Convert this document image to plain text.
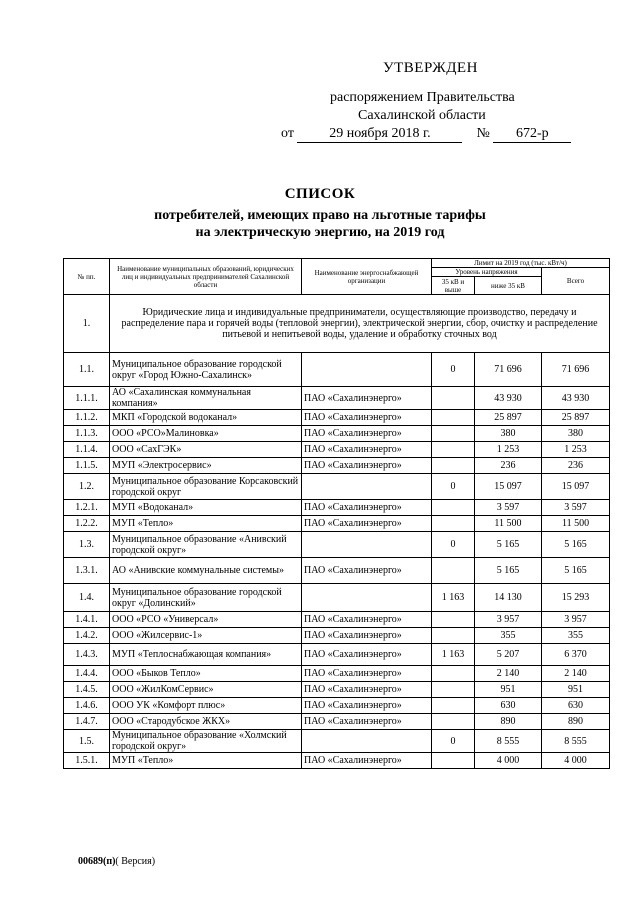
УТВЕРЖДЕН
распоряжением Правительства
Сахалинской области
от	29 ноября 2018 г.	№ 672-р
СПИСОК
потребителей, имеющих право на льготные тарифы
на электрическую энергию, на 2019 год
№ пп.	Наименование муниципальных образований, юридических лиц и индивидуальных предпринимателей Сахалинской области	Наименование энергоснабжающей организации	Лимит на 2019 год (тыс. кВт/ч)		
			Уровень напряжения		Всего
			35 кВ и выше	ниже 35 кВ	
1.	Юридические лица и индивидуальные предприниматели, осуществляющие производство, передачу и распределение пара и горячей воды (тепловой энергии), электрической энергии, сбор, очистку и распределение питьевой и непитьевой воды, удаление и обработку сточных вод				
1.1.	Муниципальное образование городской округ «Город Южно-Сахалинск»		0	71 696	71 696
1.1.1.	АО «Сахалинская коммунальная компания»	ПАО «Сахалинэнерго»		43 930	43 930
1.1.2.	МКП «Городской водоканал»	ПАО «Сахалинэнерго»		25 897	25 897
1.1.3.	ООО «РСО»Малиновка»	ПАО «Сахалинэнерго»		380	380
1.1.4.	ООО «СахГЭК»	ПАО «Сахалинэнерго»		1 253	1 253
1.1.5.	МУП «Электросервис»	ПАО «Сахалинэнерго»		236	236
1.2.	Муниципальное образование Корсаковский городской округ		0	15 097	15 097
1.2.1.	МУП «Водоканал»	ПАО «Сахалинэнерго»		3 597	3 597
1.2.2.	МУП «Тепло»	ПАО «Сахалинэнерго»		11 500	11 500
1.3.	Муниципальное образование «Анивский городской округ»		0	5 165	5 165
1.3.1.	АО «Анивские коммунальные системы»	ПАО «Сахалинэнерго»		5 165	5 165
1.4.	Муниципальное образование городской округ «Долинский»		1 163	14 130	15 293
1.4.1.	ООО «РСО «Универсал»	ПАО «Сахалинэнерго»		3 957	3 957
1.4.2.	ООО «Жилсервис-1»	ПАО «Сахалинэнерго»		355	355
1.4.3.	МУП «Теплоснабжающая компания»	ПАО «Сахалинэнерго»	1 163	5 207	6 370
1.4.4.	ООО «Быков Тепло»	ПАО «Сахалинэнерго»		2 140	2 140
1.4.5.	ООО «ЖилКомСервис»	ПАО «Сахалинэнерго»		951	951
1.4.6.	ООО УК «Комфорт плюс»	ПАО «Сахалинэнерго»		630	630
1.4.7.	ООО «Стародубское ЖКХ»	ПАО «Сахалинэнерго»		890	890
1.5.	Муниципальное образование «Холмский городской округ»		0	8 555	8 555
1.5.1.	МУП «Тепло»	ПАО «Сахалинэнерго»		4 000	4 000
00689(п)( Версия)
